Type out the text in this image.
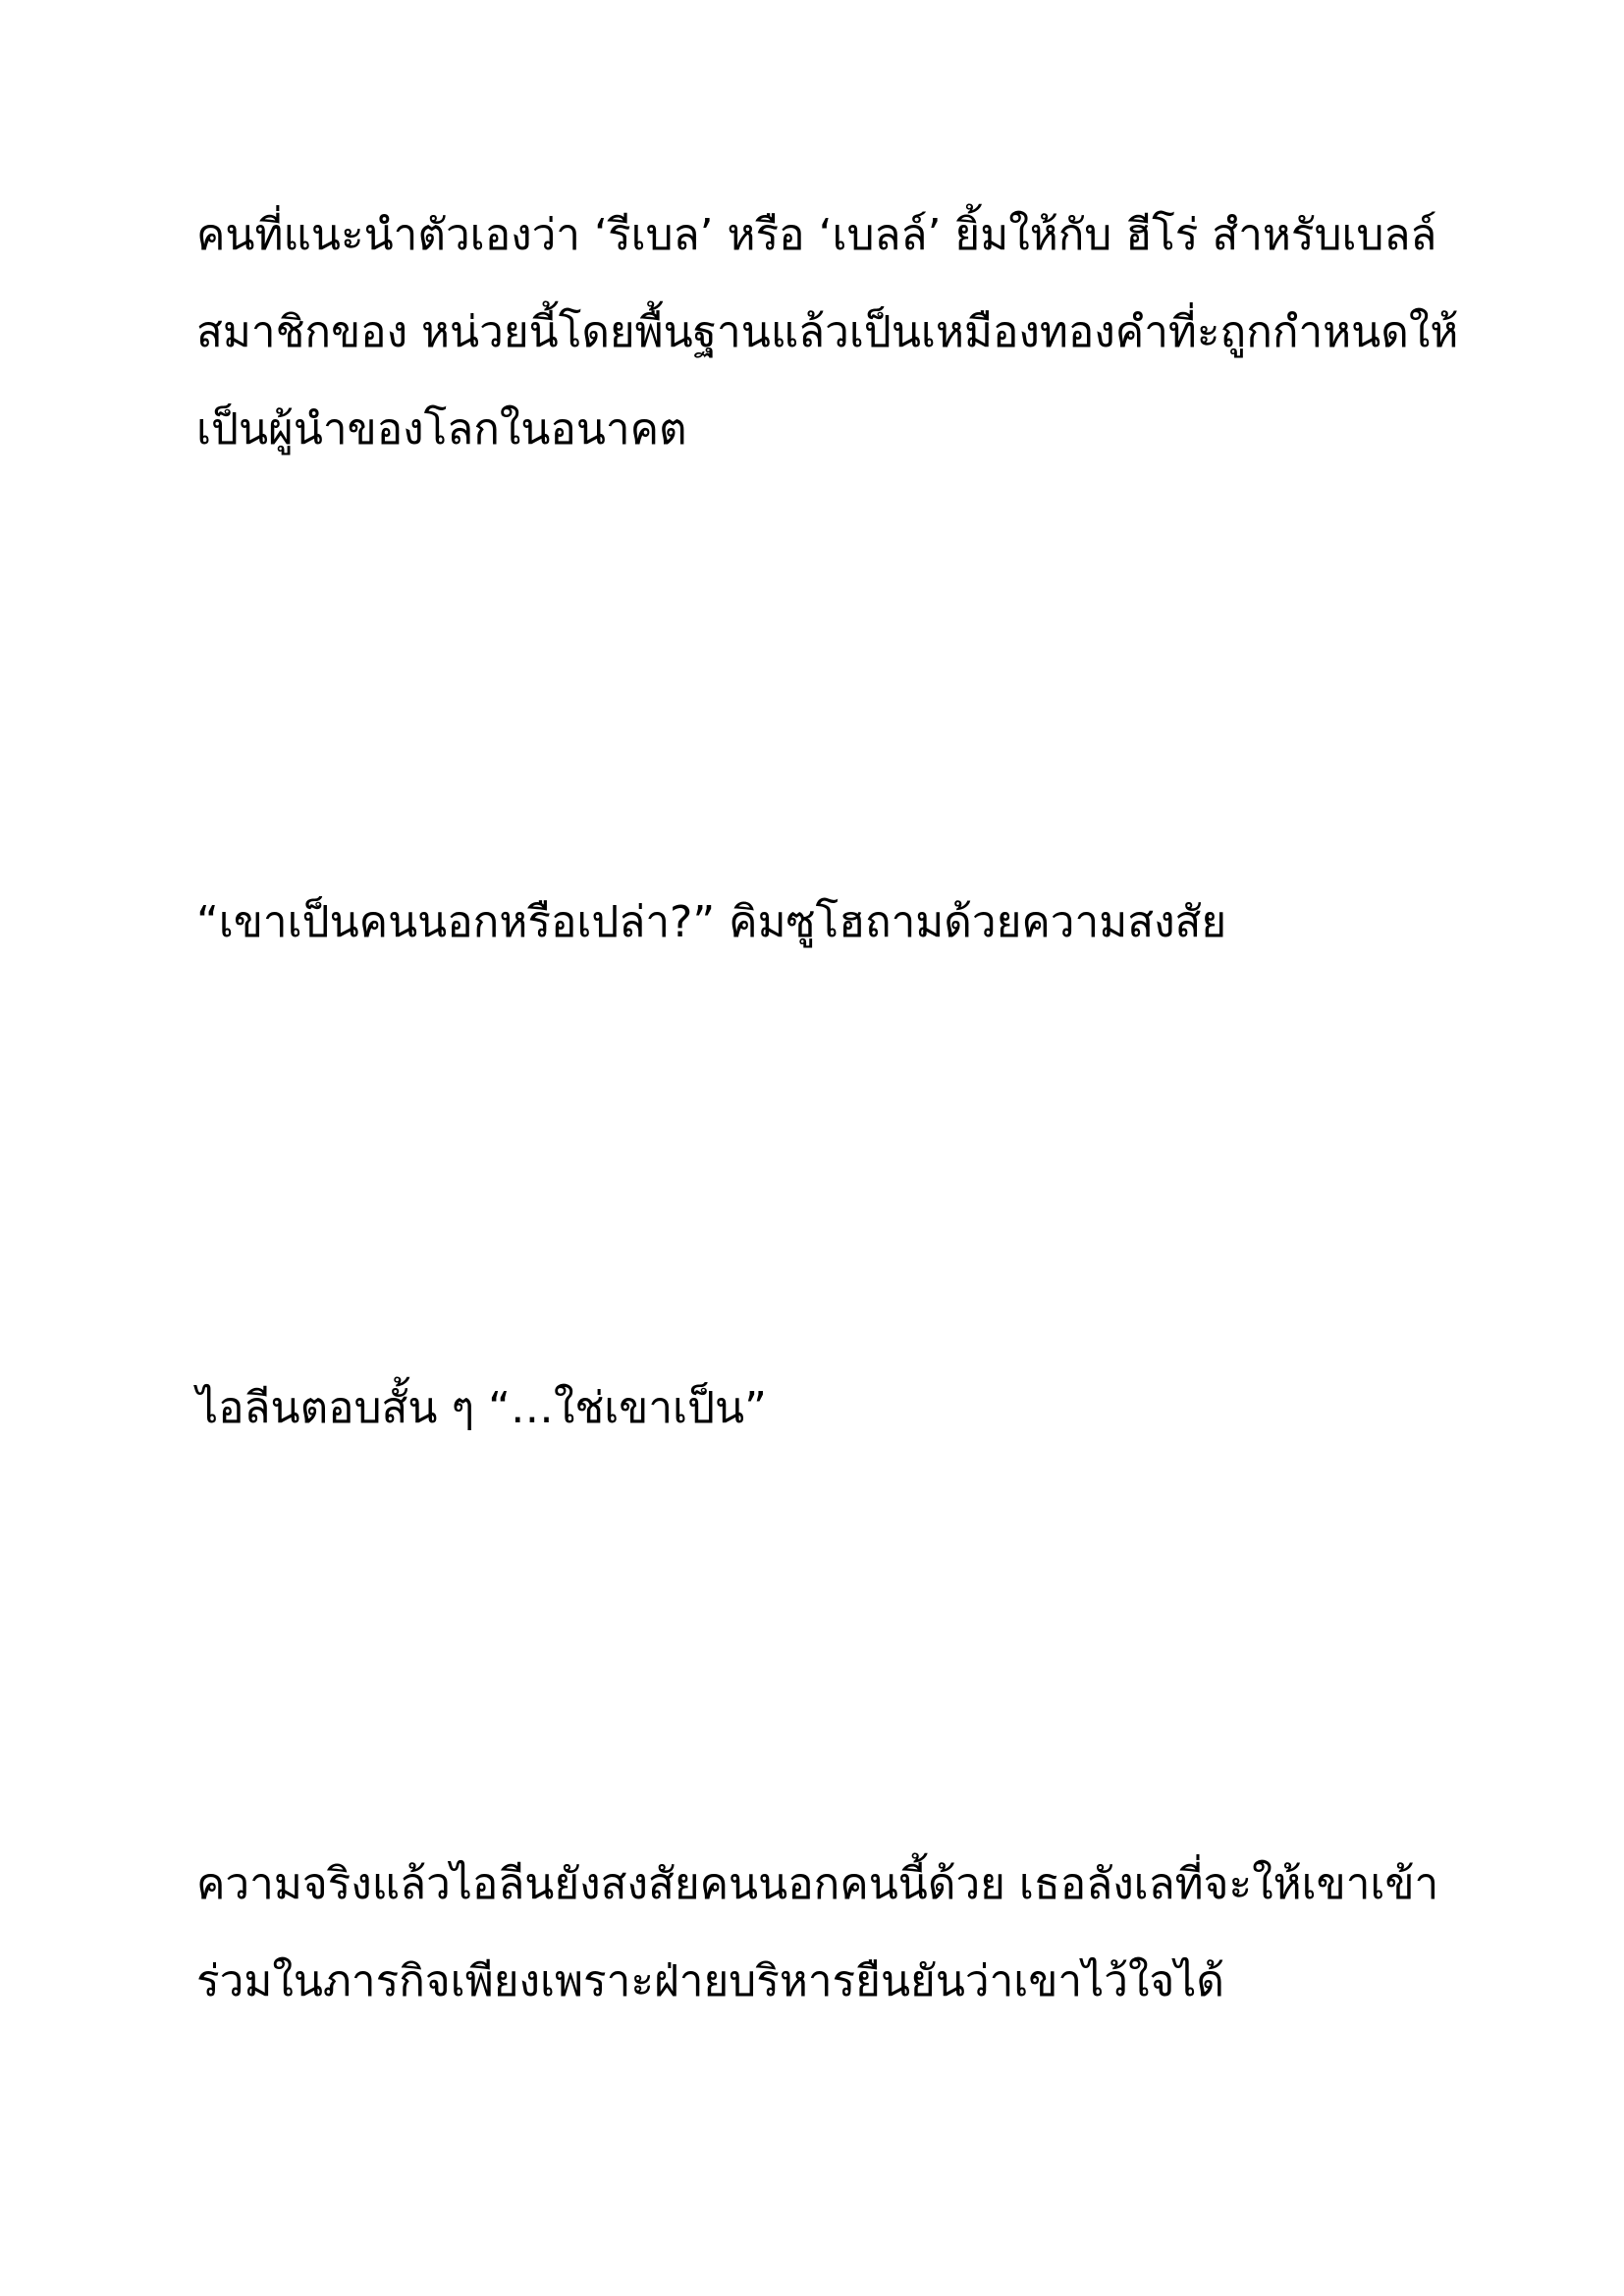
คนที่แนะนำตัวเองว่า ‘รีเบล’ หรือ ‘เบลล์’ ยิ้มให้กับ ฮีโร่ สำหรับเบลล์
สมาชิกของ หน่วยนี้โดยพื้นฐานแล้วเป็นเหมืองทองคำที่ะถูกกำหนดให้
เป็นผู้นำของโลกในอนาคต

“เขาเป็นคนนอกหรือเปล่า?” คิมซูโฮถามด้วยความสงสัย

ไอลีนตอบสั้น ๆ “…ใช่เขาเป็น”

ความจริงแล้วไอลีนยังสงสัยคนนอกคนนี้ด้วย เธอลังเลที่จะให้เขาเข้า
ร่วมในภารกิจเพียงเพราะฝ่ายบริหารยืนยันว่าเขาไว้ใจได้
